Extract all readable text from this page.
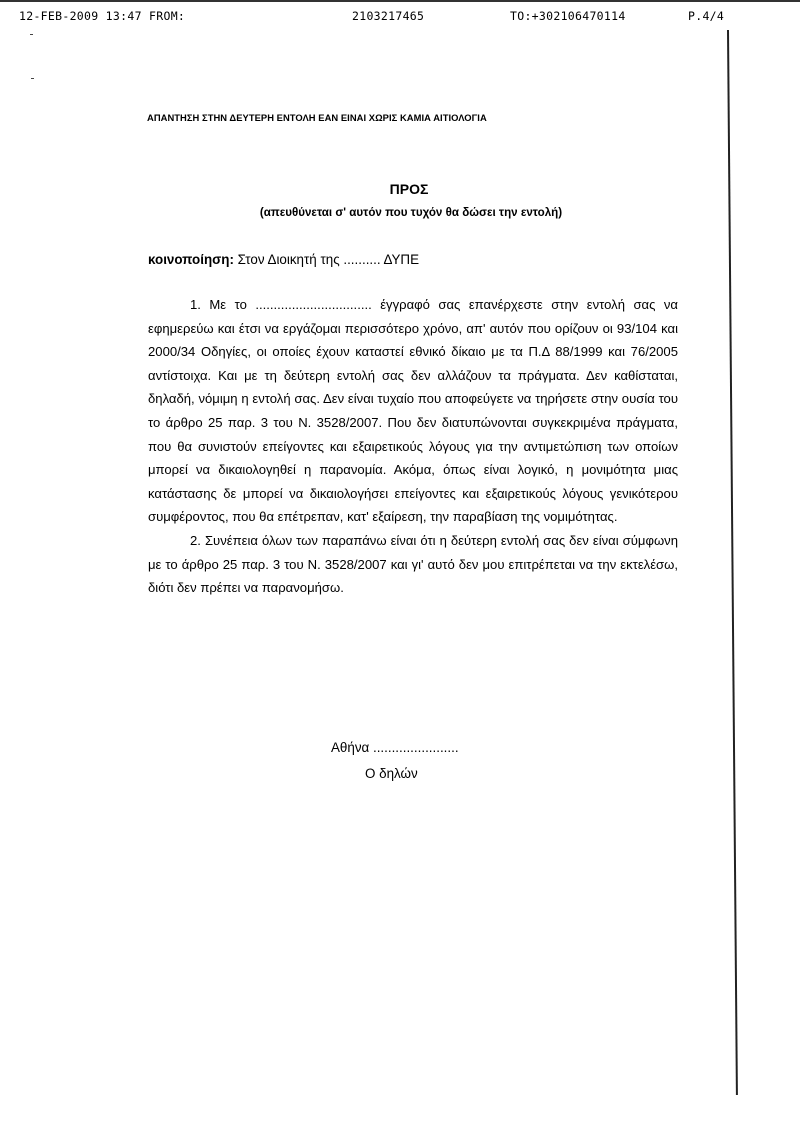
12-FEB-2009 13:47 FROM:	2103217465	TO:+302106470114	P.4/4
ΑΠΑΝΤΗΣΗ ΣΤΗΝ ΔΕΥΤΕΡΗ ΕΝΤΟΛΗ ΕΑΝ ΕΙΝΑΙ ΧΩΡΙΣ ΚΑΜΙΑ ΑΙΤΙΟΛΟΓΙΑ
ΠΡΟΣ
(απευθύνεται σ' αυτόν που τυχόν θα δώσει την εντολή)
κοινοποίηση: Στον Διοικητή της .......... ΔΥΠΕ

1. Με το ................................ έγγραφό σας επανέρχεστε στην εντολή σας να εφημερεύω και έτσι να εργάζομαι περισσότερο χρόνο, απ' αυτόν που ορίζουν οι 93/104 και 2000/34 Οδηγίες, οι οποίες έχουν καταστεί εθνικό δίκαιο με τα Π.Δ 88/1999 και 76/2005 αντίστοιχα. Και με τη δεύτερη εντολή σας δεν αλλάζουν τα πράγματα. Δεν καθίσταται, δηλαδή, νόμιμη η εντολή σας. Δεν είναι τυχαίο που αποφεύγετε να τηρήσετε στην ουσία του το άρθρο 25 παρ. 3 του Ν. 3528/2007. Που δεν διατυπώνονται συγκεκριμένα πράγματα, που θα συνιστούν επείγοντες και εξαιρετικούς λόγους για την αντιμετώπιση των οποίων μπορεί να δικαιολογηθεί η παρανομία. Ακόμα, όπως είναι λογικό, η μονιμότητα μιας κατάστασης δε μπορεί να δικαιολογήσει επείγοντες και εξαιρετικούς λόγους γενικότερου συμφέροντος, που θα επέτρεπαν, κατ' εξαίρεση, την παραβίαση της νομιμότητας.

2. Συνέπεια όλων των παραπάνω είναι ότι η δεύτερη εντολή σας δεν είναι σύμφωνη με το άρθρο 25 παρ. 3 του Ν. 3528/2007 και γι' αυτό δεν μου επιτρέπεται να την εκτελέσω, διότι δεν πρέπει να παρανομήσω.

Αθήνα .......................
Ο δηλών
